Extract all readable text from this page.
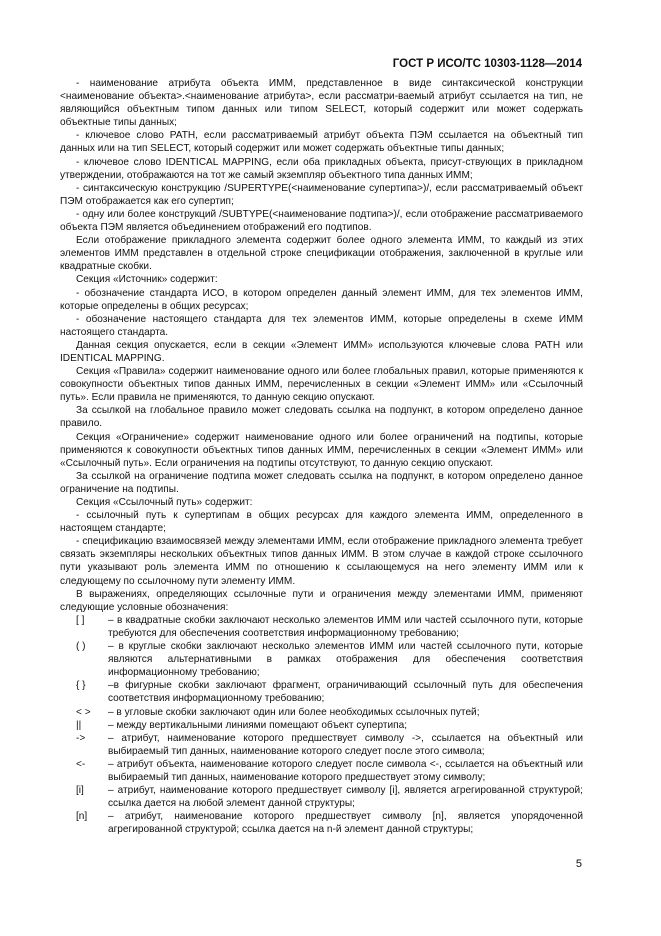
ГОСТ Р ИСО/ТС 10303-1128—2014

- наименование атрибута объекта ИММ, представленное в виде синтаксической конструкции <наименование объекта>.<наименование атрибута>, если рассматри-ваемый атрибут ссылается на тип, не являющийся объектным типом данных или типом SELECT, который содержит или может содержать объектные типы данных;

- ключевое слово PATH, если рассматриваемый атрибут объекта ПЭМ ссылается на объектный тип данных или на тип SELECT, который содержит или может содержать объектные типы данных;

- ключевое слово IDENTICAL MAPPING, если оба прикладных объекта, присут-ствующих в прикладном утверждении, отображаются на тот же самый экземпляр объектного типа данных ИММ;

- синтаксическую конструкцию /SUPERTYPE(<наименование супертипа>)/, если рассматриваемый объект ПЭМ отображается как его супертип;

- одну или более конструкций /SUBTYPE(<наименование подтипа>)/, если отображение рассматриваемого объекта ПЭМ является объединением отображений его подтипов.

Если отображение прикладного элемента содержит более одного элемента ИММ, то каждый из этих элементов ИММ представлен в отдельной строке спецификации отображения, заключенной в круглые или квадратные скобки.

Секция «Источник» содержит:

- обозначение стандарта ИСО, в котором определен данный элемент ИММ, для тех элементов ИММ, которые определены в общих ресурсах;

- обозначение настоящего стандарта для тех элементов ИММ, которые определены в схеме ИММ настоящего стандарта.

Данная секция опускается, если в секции «Элемент ИММ» используются ключевые слова PATH или IDENTICAL MAPPING.

Секция «Правила» содержит наименование одного или более глобальных правил, которые применяются к совокупности объектных типов данных ИММ, перечисленных в секции «Элемент ИММ» или «Ссылочный путь». Если правила не применяются, то данную секцию опускают.

За ссылкой на глобальное правило может следовать ссылка на подпункт, в котором определено данное правило.

Секция «Ограничение» содержит наименование одного или более ограничений на подтипы, которые применяются к совокупности объектных типов данных ИММ, перечисленных в секции «Элемент ИММ» или «Ссылочный путь». Если ограничения на подтипы отсутствуют, то данную секцию опускают.

За ссылкой на ограничение подтипа может следовать ссылка на подпункт, в котором определено данное ограничение на подтипы.

Секция «Ссылочный путь» содержит:

- ссылочный путь к супертипам в общих ресурсах для каждого элемента ИММ, определенного в настоящем стандарте;

- спецификацию взаимосвязей между элементами ИММ, если отображение прикладного элемента требует связать экземпляры нескольких объектных типов данных ИММ. В этом случае в каждой строке ссылочного пути указывают роль элемента ИММ по отношению к ссылающемуся на него элементу ИММ или к следующему по ссылочному пути элементу ИММ.

В выражениях, определяющих ссылочные пути и ограничения между элементами ИММ, применяют следующие условные обозначения:

[ ]	– в квадратные скобки заключают несколько элементов ИММ или частей ссылочного пути, которые требуются для обеспечения соответствия информационному требованию;
( )	– в круглые скобки заключают несколько элементов ИММ или частей ссылочного пути, которые являются альтернативными в рамках отображения для обеспечения соответствия информационному требованию;
{ }	–в фигурные скобки заключают фрагмент, ограничивающий ссылочный путь для обеспечения соответствия информационному требованию;
< >	– в угловые скобки заключают один или более необходимых ссылочных путей;
||	– между вертикальными линиями помещают объект супертипа;
->	– атрибут, наименование которого предшествует символу ->, ссылается на объектный или выбираемый тип данных, наименование которого следует после этого символа;
<-	– атрибут объекта, наименование которого следует после символа <-, ссылается на объектный или выбираемый тип данных, наименование которого предшествует этому символу;
[i]	– атрибут, наименование которого предшествует символу [i], является агрегированной структурой; ссылка дается на любой элемент данной структуры;
[n]	– атрибут, наименование которого предшествует символу [n], является упорядоченной агрегированной структурой; ссылка дается на n-й элемент данной структуры;
5
